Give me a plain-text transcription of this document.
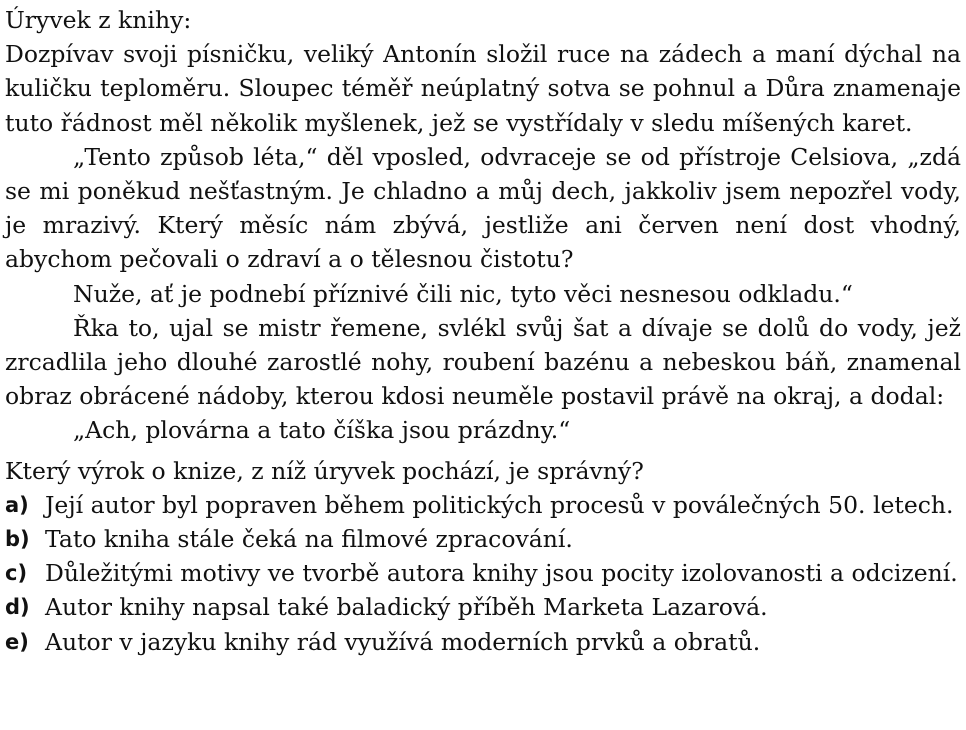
Úryvek z knihy:

Dozpívav svoji písničku, veliký Antonín složil ruce na zádech a maní dýchal na kuličku teploměru. Sloupec téměř neúplatný sotva se pohnul a Důra znamenaje tuto řádnost měl několik myšlenek, jež se vystřídaly v sledu míšených karet.

„Tento způsob léta,“ děl vposled, odvraceje se od přístroje Celsiova, „zdá se mi poněkud nešťastným. Je chladno a můj dech, jakkoliv jsem nepozřel vody, je mrazivý. Který měsíc nám zbývá, jestliže ani červen není dost vhodný, abychom pečovali o zdraví a o tělesnou čistotu?

Nuže, ať je podnebí příznivé čili nic, tyto věci nesnesou odkladu.“

Řka to, ujal se mistr řemene, svlékl svůj šat a dívaje se dolů do vody, jež zrcadlila jeho dlouhé zarostlé nohy, roubení bazénu a nebeskou báň, znamenal obraz obrácené nádoby, kterou kdosi neuměle postavil právě na okraj, a dodal:

„Ach, plovárna a tato číška jsou prázdny.“

Který výrok o knize, z níž úryvek pochází, je správný?

a) Její autor byl popraven během politických procesů v poválečných 50. letech.
b) Tato kniha stále čeká na filmové zpracování.
c) Důležitými motivy ve tvorbě autora knihy jsou pocity izolovanosti a odcizení.
d) Autor knihy napsal také baladický příběh Marketa Lazarová.
e) Autor v jazyku knihy rád využívá moderních prvků a obratů.
